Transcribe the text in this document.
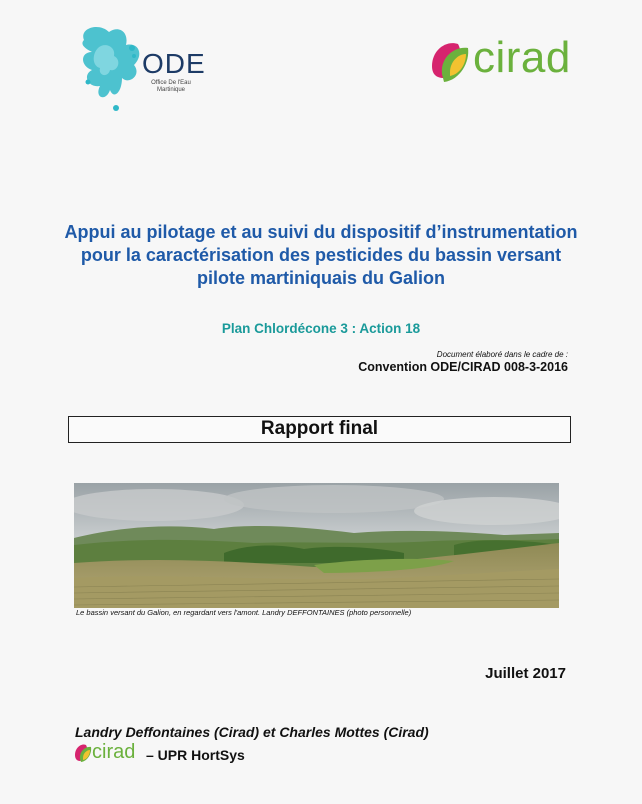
ODE
Office De l'Eau Martinique
cirad
Appui au pilotage et au suivi du dispositif d’instrumentation pour la caractérisation des pesticides du bassin versant pilote martiniquais du Galion
Plan Chlordécone 3 : Action 18
Document élaboré dans le cadre de :
Convention ODE/CIRAD 008-3-2016
Rapport final
Le bassin versant du Galion, en regardant vers l'amont. Landry DEFFONTAINES (photo personnelle)
Juillet 2017
Landry Deffontaines (Cirad) et Charles Mottes (Cirad)
cirad – UPR HortSys
